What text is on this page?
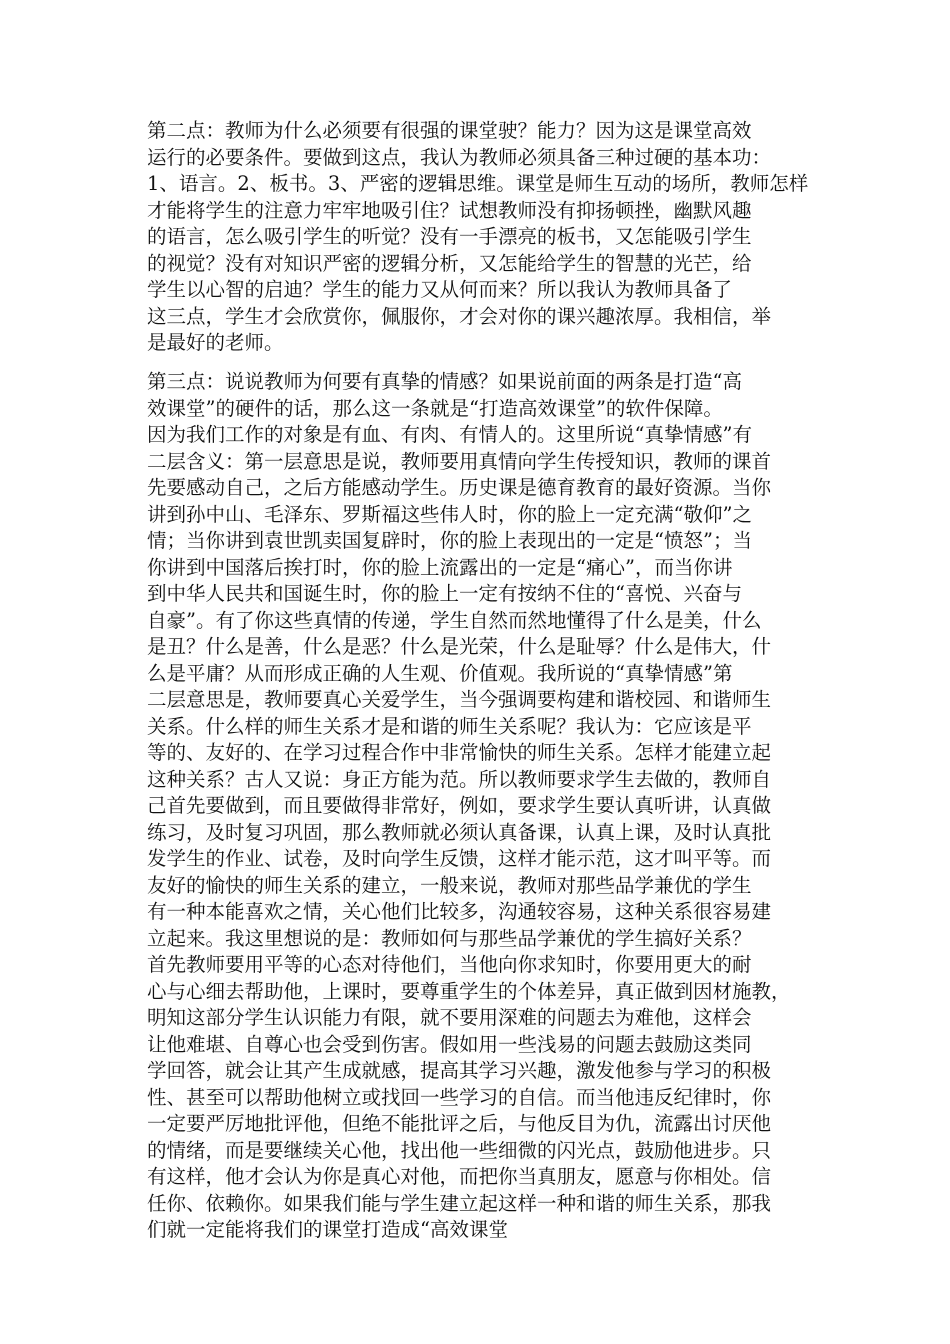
第二点：教师为什么必须要有很强的课堂驶？能力？因为这是课堂高效
运行的必要条件。要做到这点，我认为教师必须具备三种过硬的基本功：
1、语言。2、板书。3、严密的逻辑思维。课堂是师生互动的场所，教师怎样
才能将学生的注意力牢牢地吸引住？试想教师没有抑扬顿挫，幽默风趣
的语言，怎么吸引学生的听觉？没有一手漂亮的板书，又怎能吸引学生
的视觉？没有对知识严密的逻辑分析，又怎能给学生的智慧的光芒，给
学生以心智的启迪？学生的能力又从何而来？所以我认为教师具备了
这三点，学生才会欣赏你，佩服你，才会对你的课兴趣浓厚。我相信，举
是最好的老师。
第三点：说说教师为何要有真挚的情感？如果说前面的两条是打造“高
效课堂”的硬件的话，那么这一条就是“打造高效课堂”的软件保障。
因为我们工作的对象是有血、有肉、有情人的。这里所说“真挚情感”有
二层含义：第一层意思是说，教师要用真情向学生传授知识，教师的课首
先要感动自己，之后方能感动学生。历史课是德育教育的最好资源。当你
讲到孙中山、毛泽东、罗斯福这些伟人时，你的脸上一定充满“敬仰”之
情；当你讲到袁世凯卖国复辟时，你的脸上表现出的一定是“愤怒”；当
你讲到中国落后挨打时，你的脸上流露出的一定是“痛心”，而当你讲
到中华人民共和国诞生时，你的脸上一定有按纳不住的“喜悦、兴奋与
自豪”。有了你这些真情的传递，学生自然而然地懂得了什么是美，什么
是丑？什么是善，什么是恶？什么是光荣，什么是耻辱？什么是伟大，什
么是平庸？从而形成正确的人生观、价值观。我所说的“真挚情感”第
二层意思是，教师要真心关爱学生，当今强调要构建和谐校园、和谐师生
关系。什么样的师生关系才是和谐的师生关系呢？我认为：它应该是平
等的、友好的、在学习过程合作中非常愉快的师生关系。怎样才能建立起
这种关系？古人又说：身正方能为范。所以教师要求学生去做的，教师自
己首先要做到，而且要做得非常好，例如，要求学生要认真听讲，认真做
练习，及时复习巩固，那么教师就必须认真备课，认真上课，及时认真批
发学生的作业、试卷，及时向学生反馈，这样才能示范，这才叫平等。而
友好的愉快的师生关系的建立，一般来说，教师对那些品学兼优的学生
有一种本能喜欢之情，关心他们比较多，沟通较容易，这种关系很容易建
立起来。我这里想说的是：教师如何与那些品学兼优的学生搞好关系？
首先教师要用平等的心态对待他们，当他向你求知时，你要用更大的耐
心与心细去帮助他，上课时，要尊重学生的个体差异，真正做到因材施教，
明知这部分学生认识能力有限，就不要用深难的问题去为难他，这样会
让他难堪、自尊心也会受到伤害。假如用一些浅易的问题去鼓励这类同
学回答，就会让其产生成就感，提高其学习兴趣，激发他参与学习的积极
性、甚至可以帮助他树立或找回一些学习的自信。而当他违反纪律时，你
一定要严厉地批评他，但绝不能批评之后，与他反目为仇，流露出讨厌他
的情绪，而是要继续关心他，找出他一些细微的闪光点，鼓励他进步。只
有这样，他才会认为你是真心对他，而把你当真朋友，愿意与你相处。信
任你、依赖你。如果我们能与学生建立起这样一种和谐的师生关系，那我
们就一定能将我们的课堂打造成“高效课堂
